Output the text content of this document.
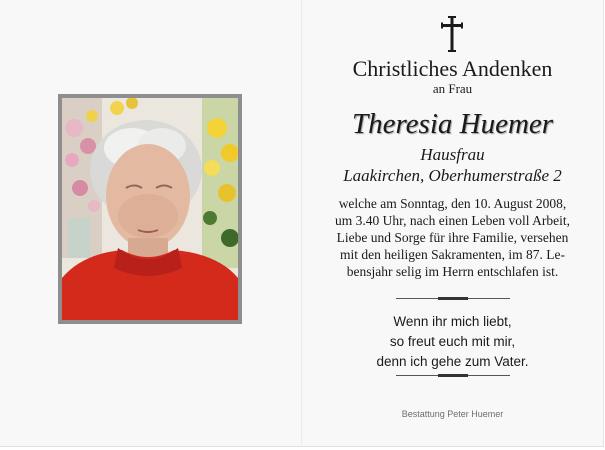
Christliches Andenken
an Frau
Theresia Huemer
Hausfrau
Laakirchen, Oberhumerstraße 2
welche am Sonntag, den 10. August 2008,
um 3.40 Uhr, nach einen Leben voll Arbeit,
Liebe und Sorge für ihre Familie, versehen
mit den heiligen Sakramenten, im 87. Le-
bensjahr selig im Herrn entschlafen ist.
Wenn ihr mich liebt,
so freut euch mit mir,
denn ich gehe zum Vater.
Bestattung Peter Huemer
